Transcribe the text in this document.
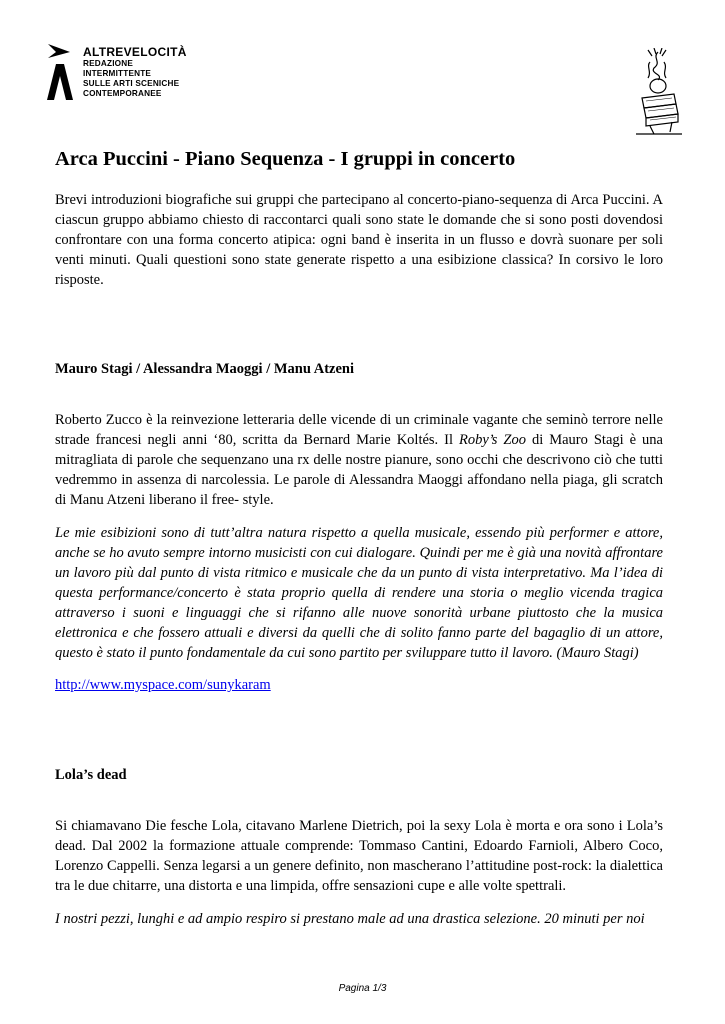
ALTREVELOCITÀ
REDAZIONE
INTERMITTENTE
SULLE ARTI SCENICHE
CONTEMPORANEE
Arca Puccini - Piano Sequenza - I gruppi in concerto

Brevi introduzioni biografiche sui gruppi che partecipano al concerto-piano-sequenza di Arca Puccini. A ciascun gruppo abbiamo chiesto di raccontarci quali sono state le domande che si sono posti dovendosi confrontare con una forma concerto atipica: ogni band è inserita in un flusso e dovrà suonare per soli venti minuti. Quali questioni sono state generate rispetto a una esibizione classica? In corsivo le loro risposte.

Mauro Stagi / Alessandra Maoggi / Manu Atzeni

Roberto Zucco è la reinvezione letteraria delle vicende di un criminale vagante che seminò terrore nelle strade francesi negli anni ‘80, scritta da Bernard Marie Koltés. Il Roby’s Zoo di Mauro Stagi è una mitragliata di parole che sequenzano una rx delle nostre pianure, sono occhi che descrivono ciò che tutti vedremmo in assenza di narcolessia. Le parole di Alessandra Maoggi affondano nella piaga, gli scratch di Manu Atzeni liberano il free- style.

Le mie esibizioni sono di tutt’altra natura rispetto a quella musicale, essendo più performer e attore, anche se ho avuto sempre intorno musicisti con cui dialogare. Quindi per me è già una novità affrontare un lavoro più dal punto di vista ritmico e musicale che da un punto di vista interpretativo. Ma l’idea di questa performance/concerto è stata proprio quella di rendere una storia o meglio vicenda tragica attraverso i suoni e linguaggi che si rifanno alle nuove sonorità urbane piuttosto che la musica elettronica e che fossero attuali e diversi da quelli che di solito fanno parte del bagaglio di un attore, questo è stato il punto fondamentale da cui sono partito per sviluppare tutto il lavoro. (Mauro Stagi)

http://www.myspace.com/sunykaram
Lola’s dead

Si chiamavano Die fesche Lola, citavano Marlene Dietrich, poi la sexy Lola è morta e ora sono i Lola’s dead. Dal 2002 la formazione attuale comprende: Tommaso Cantini, Edoardo Farnioli, Albero Coco, Lorenzo Cappelli. Senza legarsi a un genere definito, non mascherano l’attitudine post-rock: la dialettica tra le due chitarre, una distorta e una limpida, offre sensazioni cupe e alle volte spettrali.

I nostri pezzi, lunghi e ad ampio respiro si prestano male ad una drastica selezione. 20 minuti per noi

Pagina 1/3
